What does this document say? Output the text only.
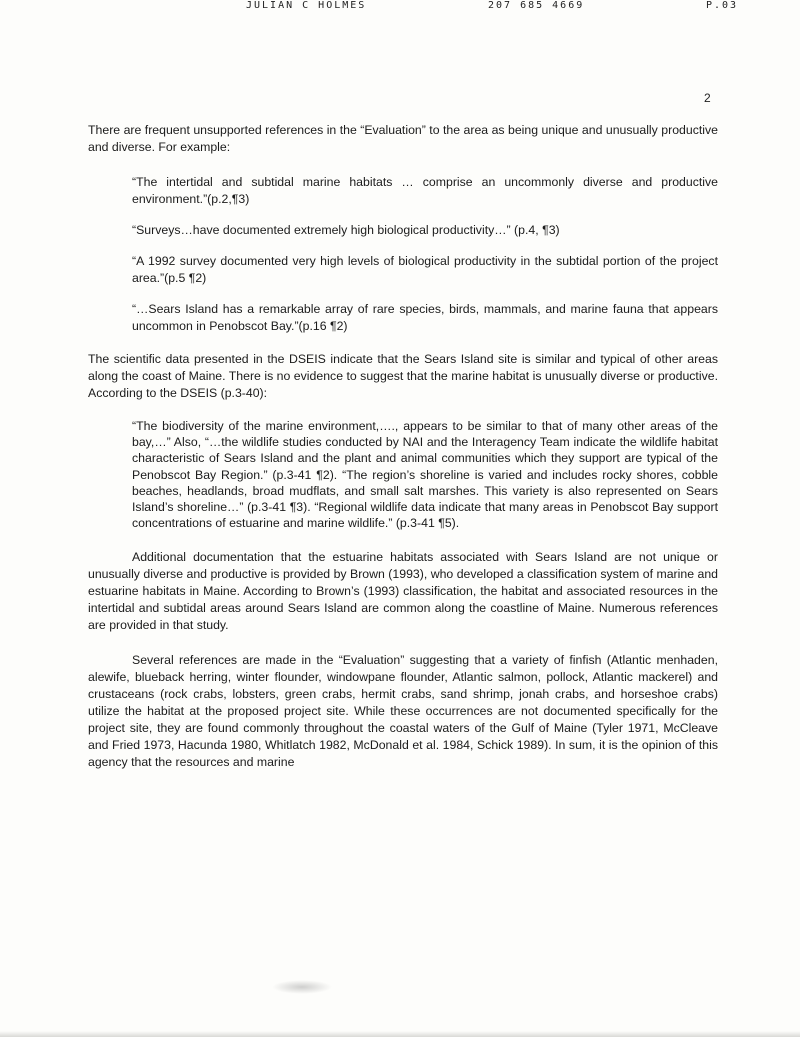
JULIAN C HOLMES	207 685 4669	P.03
2

There are frequent unsupported references in the “Evaluation” to the area as being unique and unusually productive and diverse. For example:

“The intertidal and subtidal marine habitats … comprise an uncommonly diverse and productive environment.”(p.2,¶3)

“Surveys…have documented extremely high biological productivity…” (p.4, ¶3)

“A 1992 survey documented very high levels of biological productivity in the subtidal portion of the project area.”(p.5 ¶2)

“…Sears Island has a remarkable array of rare species, birds, mammals, and marine fauna that appears uncommon in Penobscot Bay.”(p.16 ¶2)

The scientific data presented in the DSEIS indicate that the Sears Island site is similar and typical of other areas along the coast of Maine. There is no evidence to suggest that the marine habitat is unusually diverse or productive. According to the DSEIS (p.3-40):

“The biodiversity of the marine environment,…., appears to be similar to that of many other areas of the bay,…” Also, “…the wildlife studies conducted by NAI and the Interagency Team indicate the wildlife habitat characteristic of Sears Island and the plant and animal communities which they support are typical of the Penobscot Bay Region.” (p.3-41 ¶2). “The region’s shoreline is varied and includes rocky shores, cobble beaches, headlands, broad mudflats, and small salt marshes. This variety is also represented on Sears Island’s shoreline…” (p.3-41 ¶3). “Regional wildlife data indicate that many areas in Penobscot Bay support concentrations of estuarine and marine wildlife.” (p.3-41 ¶5).

Additional documentation that the estuarine habitats associated with Sears Island are not unique or unusually diverse and productive is provided by Brown (1993), who developed a classification system of marine and estuarine habitats in Maine. According to Brown’s (1993) classification, the habitat and associated resources in the intertidal and subtidal areas around Sears Island are common along the coastline of Maine. Numerous references are provided in that study.

Several references are made in the “Evaluation” suggesting that a variety of finfish (Atlantic menhaden, alewife, blueback herring, winter flounder, windowpane flounder, Atlantic salmon, pollock, Atlantic mackerel) and crustaceans (rock crabs, lobsters, green crabs, hermit crabs, sand shrimp, jonah crabs, and horseshoe crabs) utilize the habitat at the proposed project site. While these occurrences are not documented specifically for the project site, they are found commonly throughout the coastal waters of the Gulf of Maine (Tyler 1971, McCleave and Fried 1973, Hacunda 1980, Whitlatch 1982, McDonald et al. 1984, Schick 1989). In sum, it is the opinion of this agency that the resources and marine
